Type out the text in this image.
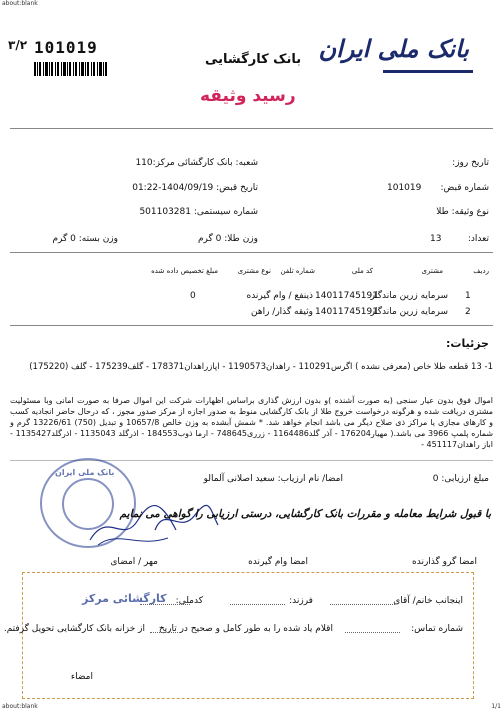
about:blank
بانک ملی ایران
بانک کارگشایی
رسید وثیقه
101019
۳/۲
تاریخ روز:
شعبه: بانک کارگشائی مرکز:110
شماره قبض:
101019
تاریخ قبض: 1404/09/19-01:22
نوع وثیقه: طلا
شماره سیستمی: 501103281
تعداد:
13
وزن طلا: 0 گرم
وزن بسته: 0 گرم
ردیف
مشتری
کد ملی
شماره تلفن
نوع مشتری
مبلغ تخصیص داده شده
1
سرمایه زرین ماندگار
14011745191
ذینفع / وام گیرنده
0
2
سرمایه زرین ماندگار
14011745191
وثیقه گذار/ راهن
جزئیات:
1- 13 قطعه طلا خاص (معرفی نشده ) اگرس110291 - راهدان1190573 - اپازراهدان178371 - گلف175239 - گلف (175220)
اموال فوق بدون عیار سنجی (به صورت آشنده )و بدون ارزش گذاری براساس اظهارات شرکت این اموال صرفا به صورت امانی وبا مسئولیت مشتری دریافت شده و هرگونه درخواست خروج طلا از بانک کارگشایی منوط به صدور اجازه از مرکز صدور مجوز ، که درحال حاضر انجادیه کسب و کارهای مجازی یا مراکز ذی صلاح دیگر می باشد انجام خواهد شد. * شمش آبشده به وزن خالص 10657/8 و تبدیل (750) 13226/61 گرم و شماره پلمپ 3966 می باشد.( مهیار176204 - آذر گلد1164486 - زرری748645 - ارما ذوب184553 - اذرگلد 1135043 - اذرگلد1135427 - اباز راهدان451117 -
مبلغ ارزیابی: 0
امضا/ نام ارزیاب: سعید اصلانی آلمالو
بانک ملی ایران
با قبول شرایط معامله و مقررات بانک کارگشایی، درستی ارزیابی را گواهی می نمایم
امضا گرو گذارنده
امضا وام گیرنده
مهر / امضای
کارگشائی مرکز	اینجانب خانم/ آقای
فرزند:
کدملی:
شماره تماس:
اقلام یاد شده را به طور کامل و صحیح در تاریخ
از خزانه بانک کارگشایی تحویل گرفتم.
امضاء
about:blank	1/1
